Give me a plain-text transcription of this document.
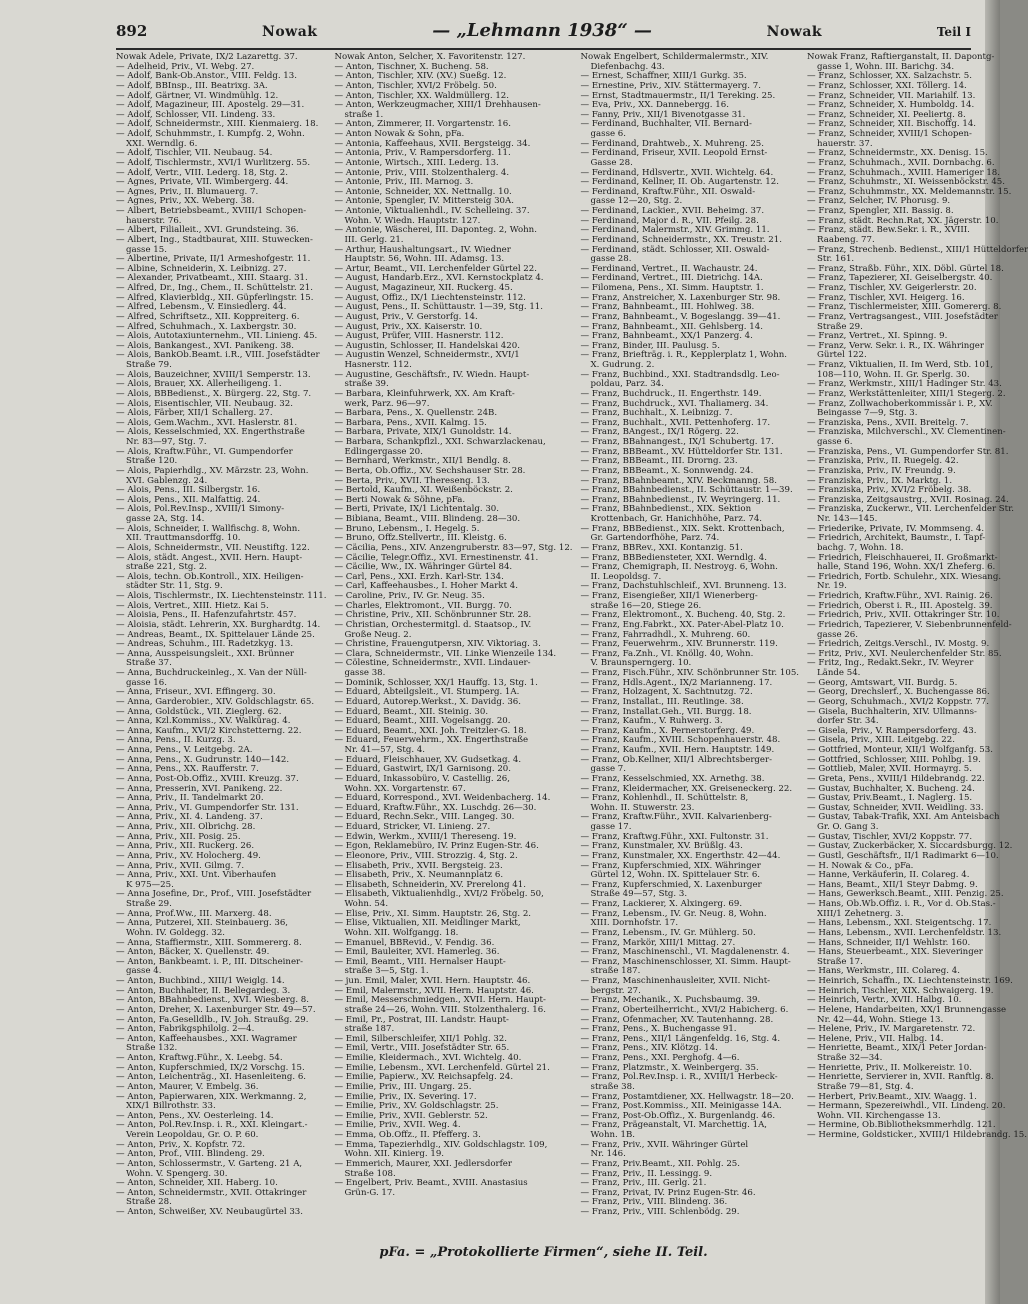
892	Nowak	— „Lehmann 1938“ —	Nowak	Teil I
Nowak Adele, Private, IX/2 Lazarettg. 37.
— Adelheid, Priv., VI. Webg. 27.
— Adolf, Bank-Ob.Anstor., VIII. Feldg. 13.
— Adolf, BBInsp., III. Beatrixg. 3A.
— Adolf, Gärtner, VI. Windmühlg. 12.
— Adolf, Magazineur, III. Apostelg. 29—31.
— Adolf, Schlosser, VII. Lindeng. 33.
— Adolf, Schneidermstr., XIII. Kienmaierg. 18.
— Adolf, Schuhmmstr., I. Kumpfg. 2, Wohn.
XXI. Werndlg. 6.
— Adolf, Tischler, VII. Neubaug. 54.
— Adolf, Tischlermstr., XVI/1 Wurlitzerg. 55.
— Adolf, Vertr., VIII. Lederg. 18, Stg. 2.
— Agnes, Private, VII. Wimbergerg. 44.
— Agnes, Priv., II. Blumauerg. 7.
— Agnes, Priv., XX. Weberg. 38.
— Albert, Betriebsbeamt., XVIII/1 Schopen-
hauerstr. 76.
— Albert, Filialleit., XVI. Grundsteing. 36.
— Albert, Ing., Stadtbaurat, XIII. Stuwecken-
gasse 15.
— Albertine, Private, II/1 Armeshofgestr. 11.
— Albine, Schneiderin, X. Leibnizg. 27.
— Alexander, Privatbeamt., XIII. Staarg. 31.
— Alfred, Dr., Ing., Chem., II. Schüttelstr. 21.
— Alfred, Klavierbldg., XII. Güpferlingstr. 15.
— Alfred, Lebensm., V. Einsiedlerg. 44.
— Alfred, Schriftsetz., XII. Koppreiterg. 6.
— Alfred, Schuhmach., X. Laxbergstr. 30.
— Alois, Autotaxiunternehm., VII. Linieng. 45.
— Alois, Bankangest., XVI. Panikeng. 38.
— Alois, BankOb.Beamt. i.R., VIII. Josefstädter
Straße 79.
— Alois, Bauzeichner, XVIII/1 Semperstr. 13.
— Alois, Brauer, XX. Allerheiligeng. 1.
— Alois, BBBedienst., X. Bürgerg. 22, Stg. 7.
— Alois, Eisentischler, VII. Neubaug. 32.
— Alois, Färber, XII/1 Schallerg. 27.
— Alois, Gem.Wachm., XVI. Haslerstr. 81.
— Alois, Kesselschmied, XX. Engerthstraße
Nr. 83—97, Stg. 7.
— Alois, Kraftw.Führ., VI. Gumpendorfer
Straße 120.
— Alois, Papierhdlg., XV. Märzstr. 23, Wohn.
XVI. Gablenzg. 24.
— Alois, Pens., III. Silbergstr. 16.
— Alois, Pens., XII. Malfattig. 24.
— Alois, Pol.Rev.Insp., XVIII/1 Simony-
gasse 2A, Stg. 14.
— Alois, Schneider, I. Wallfischg. 8, Wohn.
XII. Trauttmansdorffg. 10.
— Alois, Schneidermstr., VII. Neustiftg. 122.
— Alois, städt. Angest., XVII. Hern. Haupt-
straße 221, Stg. 2.
— Alois, techn. Ob.Kontroll., XIX. Heiligen-
städter Str. 11, Stg. 9.
— Alois, Tischlermstr., IX. Liechtensteinstr. 111.
— Alois, Vertret., XIII. Hietz. Kai 5.
— Aloisia, Pens., II. Hafenzufahrtstr. 457.
— Aloisia, städt. Lehrerin, XX. Burghardtg. 14.
— Andreas, Beamt., IX. Spittelauer Lände 25.
— Andreas, Schuhm., III. Radetzkyg. 13.
— Anna, Ausspeisungsleit., XXI. Brünner
Straße 37.
— Anna, Buchdruckeinleg., X. Van der Nüll-
gasse 16.
— Anna, Friseur., XVI. Effingerg. 30.
— Anna, Garderobier., XIV. Goldschlagstr. 65.
— Anna, Goldstück., VII. Zieglerg. 62.
— Anna, Kzl.Kommiss., XV. Walkürag. 4.
— Anna, Kaufm., XVI/2 Kirchstetterng. 22.
— Anna, Pens., II. Kurzg. 3.
— Anna, Pens., V. Leitgebg. 2A.
— Anna, Pens., X. Gudrunstr. 140—142.
— Anna, Pens., XX. Raufferstr. 7.
— Anna, Post-Ob.Offiz., XVIII. Kreuzg. 37.
— Anna, Presserin, XVI. Panikeng. 22.
— Anna, Priv., II. Tandelmarkt 20.
— Anna, Priv., VI. Gumpendorfer Str. 131.
— Anna, Priv., XI. 4. Landeng. 37.
— Anna, Priv., XII. Olbrichg. 28.
— Anna, Priv., XII. Posig. 25.
— Anna, Priv., XII. Ruckerg. 26.
— Anna, Priv., XV. Holocherg. 49.
— Anna, Priv., XVII. Gilmg. 7.
— Anna, Priv., XXI. Unt. Viberhaufen
K 975—25.
— Anna Josefine, Dr., Prof., VIII. Josefstädter
Straße 29.
— Anna, Prof.Ww., III. Marxerg. 48.
— Anna, Putzerei, XII. Steinbauerg. 36,
Wohn. IV. Goldegg. 32.
— Anna, Staffiermstr., XIII. Sommererg. 8.
— Anton, Bäcker, X. Quellenstr. 49.
— Anton, Bankbeamt. i. P., III. Ditscheiner-
gasse 4.
— Anton, Buchbind., XIII/1 Weiglg. 14.
— Anton, Buchhalter, II. Bellegardeg. 3.
— Anton, BBahnbedienst., XVI. Wiesberg. 8.
— Anton, Dreher, X. Laxenburger Str. 49—57.
— Anton, Fa.Geselldlb., IV. Joh. Straußg. 29.
— Anton, Fabrikgsphilolg. 2—4.
— Anton, Kaffeehausbes., XXI. Wagramer
Straße 132.
— Anton, Kraftwg.Führ., X. Leebg. 54.
— Anton, Kupferschmied, IX/2 Vorschg. 15.
— Anton, Leichenträg., XI. Hasenleiteng. 6.
— Anton, Maurer, V. Embelg. 36.
— Anton, Papierwaren, XIX. Werkmanng. 2,
XIX/1 Billrothstr. 33.
— Anton, Pens., XV. Oesterleing. 14.
— Anton, Pol.Rev.Insp. i. R., XXI. Kleingart.-
Verein Leopoldau, Gr. O. P. 60.
— Anton, Priv., X. Kopfstr. 72.
— Anton, Prof., VIII. Blindeng. 29.
— Anton, Schlossermstr., V. Garteng. 21 A,
Wohn. V. Spengerg. 30.
— Anton, Schneider, XII. Haberg. 10.
— Anton, Schneidermstr., XVII. Ottakringer
Straße 28.
— Anton, Schweißer, XV. Neubaugürtel 33.
Nowak Anton, Selcher, X. Favoritenstr. 127.
— Anton, Tischner, X. Bucheng. 58.
— Anton, Tischler, XIV. (XV.) Sueßg. 12.
— Anton, Tischler, XVI/2 Fröbelg. 50.
— Anton, Tischler, XX. Waldmüllerg. 12.
— Anton, Werkzeugmacher, XIII/1 Drehhausen-
straße 1.
— Anton, Zimmerer, II. Vorgartenstr. 16.
— Anton Nowak & Sohn, pFa.
— Antonia, Kaffeehaus, XVII. Bergsteigg. 34.
— Antonia, Priv., V. Rampersdorferg. 11.
— Antonie, Wirtsch., XIII. Lederg. 13.
— Antonie, Priv., VIII. Stolzenthalerg. 4.
— Antonie, Priv., III. Marnog. 3.
— Antonie, Schneider, XX. Nettnallg. 10.
— Antonie, Spengler, IV. Mittersteig 30A.
— Antonie, Viktualienhdl., IV. Schelleing. 37.
Wohn. V. Wiedn. Hauptstr. 127.
— Antonie, Wäscherei, III. Daponteg. 2, Wohn.
III. Gerlg. 21.
— Arthur, Haushaltungsart., IV. Wiedner
Hauptstr. 56, Wohn. III. Adamsg. 13.
— Artur, Beamt., VII. Lerchenfelder Gürtel 22.
— August, Handarb.Erz., XVI. Kernstockplatz 4.
— August, Magazineur, XII. Ruckerg. 45.
— August, Offiz., IX/1 Liechtensteinstr. 112.
— August, Pens., II. Schüttaustr. 1—39, Stg. 11.
— August, Priv., V. Gerstorfg. 14.
— August, Priv., XX. Kaiserstr. 10.
— August, Prüfer, VIII. Hasnerstr. 112.
— Augustin, Schlosser, II. Handelskai 420.
— Augustin Wenzel, Schneidermstr., XVI/1
Hasnerstr. 112.
— Augustine, Geschäftsfr., IV. Wiedn. Haupt-
straße 39.
— Barbara, Kleinfuhrwerk, XX. Am Kraft-
werk, Parz. 96—97.
— Barbara, Pens., X. Quellenstr. 24B.
— Barbara, Pens., XVII. Kalmg. 15.
— Barbara, Private, XIX/1 Gunoldstr. 14.
— Barbara, Schankpflzl., XXI. Schwarzlackenau,
Edlingergasse 20.
— Bernhard, Werkmstr., XII/1 Bendlg. 8.
— Berta, Ob.Offiz., XV. Sechshauser Str. 28.
— Berta, Priv., XVII. Thereseng. 13.
— Bertold, Kaufm., XI. Weißenböckstr. 2.
— Berti Nowak & Söhne, pFa.
— Berti, Private, IX/1 Lichtentalg. 30.
— Bibiana, Beamt., VIII. Blindeng. 28—30.
— Bruno, Lebensm., I. Hegelg. 5.
— Bruno, Offz.Stellvertr., III. Kleistg. 6.
— Cäcilia, Pens., XIV. Anzengruberstr. 83—97, Stg. 12.
— Cäcilie, Telegr.Offiz., XVI. Ernestinenstr. 41.
— Cäcilie, Ww., IX. Währinger Gürtel 84.
— Carl, Pens., XXI. Erzh. Karl-Str. 134.
— Carl, Kaffeehausbes., I. Hoher Markt 4.
— Caroline, Priv., IV. Gr. Neug. 35.
— Charles, Elektromont., VII. Burgg. 70.
— Christine, Priv., XII. Schönbrunner Str. 28.
— Christian, Orchestermitgl. d. Staatsop., IV.
Große Neug. 2.
— Christine, Frauengutpersn, XIV. Viktoriag. 3.
— Clara, Schneidermstr., VII. Linke Wienzeile 134.
— Cölestine, Schneidermstr., XVII. Lindauer-
gasse 38.
— Dominik, Schlosser, XX/1 Hauffg. 13, Stg. 1.
— Eduard, Abteilgsleit., VI. Stumperg. 1A.
— Eduard, Autorep.Werkst., X. Davidg. 36.
— Eduard, Beamt., XII. Steinig. 30.
— Eduard, Beamt., XIII. Vogelsangg. 20.
— Eduard, Beamt., XXI. Joh. Treitzler-G. 18.
— Eduard, Feuerwehrm., XX. Engerthstraße
Nr. 41—57, Stg. 4.
— Eduard, Fleischhauer, XV. Gudsetkag. 4.
— Eduard, Gastwirt, IX/1 Garnisong. 20.
— Eduard, Inkassobüro, V. Castellig. 26,
Wohn. XX. Vorgartenstr. 67.
— Eduard, Korrespond., XVI. Weidenbacherg. 14.
— Eduard, Kraftw.Führ., XX. Luschdg. 26—30.
— Eduard, Rechn.Sekr., VIII. Langeg. 30.
— Eduard, Stricker, VI. Linieng. 27.
— Edwin, Werkm., XVIII/1 Thereseng. 19.
— Egon, Reklamebüro, IV. Prinz Eugen-Str. 46.
— Eleonore, Priv., VIII. Strozzig. 4, Stg. 2.
— Elisabeth, Priv., XVII. Bergsteig. 23.
— Elisabeth, Priv., X. Neumannplatz 6.
— Elisabeth, Schneiderin, XV. Prerelong 41.
— Elisabeth, Viktualienhdlg., XVI/2 Fröbelg. 50,
Wohn. 54.
— Elise, Priv., XI. Simm. Hauptstr. 26, Stg. 2.
— Elise, Viktualien, XII. Meidlinger Markt,
Wohn. XII. Wolfgangg. 18.
— Emanuel, BBRevid., V. Fendig. 36.
— Emil, Bauleiter, XVI. Hamerleg. 36.
— Emil, Beamt., VIII. Hernalser Haupt-
straße 3—5, Stg. 1.
— jun. Emil, Maler, XVII. Hern. Hauptstr. 46.
— Emil, Malermstr., XVII. Hern. Hauptstr. 46.
— Emil, Messerschmiedgen., XVII. Hern. Haupt-
straße 24—26, Wohn. VIII. Stolzenthalerg. 16.
— Emil, Pr., Postrat, III. Landstr. Haupt-
straße 187.
— Emil, Silberschleifer, XII/1 Pohlg. 32.
— Emil, Vertr., VIII. Josefstädter Str. 65.
— Emilie, Kleidermach., XVI. Wichtelg. 40.
— Emilie, Lebensm., XVI. Lerchenfeld. Gürtel 21.
— Emilie, Papierw., XV. Reichsapfelg. 24.
— Emilie, Priv., III. Ungarg. 25.
— Emilie, Priv., IX. Severing. 17.
— Emilie, Priv., XV. Goldschlagstr. 25.
— Emilie, Priv., XVII. Geblerstr. 52.
— Emilie, Priv., XVII. Weg. 4.
— Emma, Ob.Offz., II. Pfefferg. 3.
— Emma, Tapezierhdlg., XIV. Goldschlagstr. 109,
Wohn. XII. Kinierg. 19.
— Emmerich, Maurer, XXI. Jedlersdorfer
Straße 108.
— Engelbert, Priv. Beamt., XVIII. Anastasius
Grün-G. 17.
Nowak Engelbert, Schildermalermstr., XIV.
Diefenbachg. 43.
— Ernest, Schaffner, XIII/1 Gurkg. 35.
— Ernestine, Priv., XIV. Stättermayerg. 7.
— Ernst, Stadtmauermstr., II/1 Tereking. 25.
— Eva, Priv., XX. Dannebergg. 16.
— Fanny, Priv., XII/1 Bivenotgasse 31.
— Ferdinand, Buchhalter, VII. Bernard-
gasse 6.
— Ferdinand, Drahtweb., X. Muhreng. 25.
— Ferdinand, Friseur, XVII. Leopold Ernst-
Gasse 28.
— Ferdinand, Hdlsvertr., XVII. Wichtelg. 64.
— Ferdinand, Kellner, II. Ob. Augartenstr. 12.
— Ferdinand, Kraftw.Führ., XII. Oswald-
gasse 12—20, Stg. 2.
— Ferdinand, Lackier., XVII. Beheimg. 37.
— Ferdinand, Major d. R., VII. Pfeilg. 28.
— Ferdinand, Malermstr., XIV. Grimmg. 11.
— Ferdinand, Schneidermstr., XX. Treustr. 21.
— Ferdinand, städt. Schlosser, XII. Oswald-
gasse 28.
— Ferdinand, Vertret., II. Wachaustr. 24.
— Ferdinand, Vertret., III. Dietrichg. 14A.
— Filomena, Pens., XI. Simm. Hauptstr. 1.
— Franz, Anstreicher, X. Laxenburger Str. 98.
— Franz, Bahnbeamt., III. Hohlweg. 38.
— Franz, Bahnbeamt., V. Bogeslangg. 39—41.
— Franz, Bahnbeamt., XII. Gehlsberg. 14.
— Franz, Bahnbeamt., XX/1 Panzerg. 4.
— Franz, Binder, III. Paulusg. 5.
— Franz, Briefträg. i. R., Kepplerplatz 1, Wohn.
X. Gudrung. 2.
— Franz, Buchbind., XXI. Stadtrandsdlg. Leo-
poldau, Parz. 34.
— Franz, Buchdruck., II. Engerthstr. 149.
— Franz, Buchdruck., XVI. Thaliamerg. 34.
— Franz, Buchhalt., X. Leibnizg. 7.
— Franz, Buchhalt., XVII. Pettenhoferg. 17.
— Franz, BAngest., IX/1 Rögerg. 22.
— Franz, BBahnangest., IX/1 Schubertg. 17.
— Franz, BBBeamt., XV. Hütteldorfer Str. 131.
— Franz, BBBeamt., III. Drorng. 23.
— Franz, BBBeamt., X. Sonnwendg. 24.
— Franz, BBahnbeamt., XIV. Beckmanng. 58.
— Franz, BBahnbedienst., II. Schüttaustr. 1—39.
— Franz, BBahnbedienst., IV. Weyringerg. 11.
— Franz, BBahnbedienst., XIX. Sektion
Krottenbach, Gr. Hanichhöhe, Parz. 74.
— Franz, BBBedienst., XIX. Sekt. Krottenbach,
Gr. Gartendorfhöhe, Parz. 74.
— Franz, BBRev., XXI. Kontanzig. 51.
— Franz, BBBediensteter, XXI. Werndlg. 4.
— Franz, Chemigraph, II. Nestroyg. 6, Wohn.
II. Leopoldsg. 7.
— Franz, Dachstuhlschleif., XVI. Brunneng. 13.
— Franz, Eisengießer, XII/1 Wienerberg-
straße 16—20, Stiege 26.
— Franz, Elektromont., X. Bucheng. 40, Stg. 2.
— Franz, Eng.Fabrkt., XX. Pater-Abel-Platz 10.
— Franz, Fahrradhdl., X. Muhreng. 60.
— Franz, Feuerwehrm., XIV. Brunnerstr. 119.
— Franz, Fa.Znh., VI. Knöllg. 40, Wohn.
V. Braunsperngerg. 10.
— Franz, Fisch.Führ., XIV. Schönbrunner Str. 105.
— Franz, Hdls.Agent., IX/2 Marianneng. 17.
— Franz, Holzagent, X. Sachtnutzg. 72.
— Franz, Installat., III. Reutlinge. 38.
— Franz, Installat.Geh., VII. Burgg. 18.
— Franz, Kaufm., V. Ruhwerg. 3.
— Franz, Kaufm., X. Pernerstorferg. 49.
— Franz, Kaufm., XVIII. Schopenhauerstr. 48.
— Franz, Kaufm., XVII. Hern. Hauptstr. 149.
— Franz, Ob.Kellner, XII/1 Albrechtsberger-
gasse 7.
— Franz, Kesselschmied, XX. Arnethg. 38.
— Franz, Kleidermacher, XX. Greiseneckerg. 22.
— Franz, Kohlenhdl., II. Schüttelstr. 8,
Wohn. II. Stuwerstr. 23.
— Franz, Kraftw.Führ., XVII. Kalvarienberg-
gasse 17.
— Franz, Kraftwg.Führ., XXI. Fultonstr. 31.
— Franz, Kunstmaler, XV. Brüßlg. 43.
— Franz, Kunstmaler, XX. Engerthstr. 42—44.
— Franz, Kupferschmied, XIX. Währinger
Gürtel 12, Wohn. IX. Spittelauer Str. 6.
— Franz, Kupferschmied, X. Laxenburger
Straße 49—57, Stg. 3.
— Franz, Lackierer, X. Alxingerg. 69.
— Franz, Lebensm., IV. Gr. Neug. 8, Wohn.
XIII. Dornhofstr. 17.
— Franz, Lebensm., IV. Gr. Mühlerg. 50.
— Franz, Markör, XIII/1 Mittag. 27.
— Franz, Maschinenschl., VI. Magdalenenstr. 4.
— Franz, Maschinenschlosser, XI. Simm. Haupt-
straße 187.
— Franz, Maschinenhausleiter, XVII. Nicht-
bergstr. 27.
— Franz, Mechanik., X. Puchsbaumg. 39.
— Franz, Oberteilherricht., XVI/2 Habicherg. 6.
— Franz, Ofenmacher, XV. Tautenhanng. 28.
— Franz, Pens., X. Buchengasse 91.
— Franz, Pens., XII/1 Längenfeldg. 16, Stg. 4.
— Franz, Pens., XIV. Klötzg. 14.
— Franz, Pens., XXI. Perghofg. 4—6.
— Franz, Platzmstr., X. Weinbergerg. 35.
— Franz, Pol.Rev.Insp. i. R., XVIII/1 Herbeck-
straße 38.
— Franz, Postamtdiener, XX. Hellwagstr. 18—20.
— Franz, Post.Kommiss., XII. Meinigasse 14A.
— Franz, Post-Ob.Offiz., X. Burgenlandg. 46.
— Franz, Prägeanstalt, VI. Marchettig. 1A,
Wohn. 1B.
— Franz, Priv., XVII. Währinger Gürtel
Nr. 146.
— Franz, Priv.Beamt., XII. Pohlg. 25.
— Franz, Priv., II. Lessingg. 9.
— Franz, Priv., III. Gerlg. 21.
— Franz, Privat, IV. Prinz Eugen-Str. 46.
— Franz, Priv., VIII. Blindeng. 36.
— Franz, Priv., VIII. Schlenbödg. 29.
Nowak Franz, Raftierganstalt, II. Dapontg-
gasse 1, Wohn. III. Barichg. 34.
— Franz, Schlosser, XX. Salzachstr. 5.
— Franz, Schlosser, XXI. Töllerg. 14.
— Franz, Schneider, VII. Mariahilf. 13.
— Franz, Schneider, X. Humboldg. 14.
— Franz, Schneider, XI. Peeliertg. 8.
— Franz, Schneider, XII. Bischoffg. 14.
— Franz, Schneider, XVIII/1 Schopen-
hauerstr. 37.
— Franz, Schneidermstr., XX. Denisg. 15.
— Franz, Schuhmach., XVII. Dornbachg. 6.
— Franz, Schuhmach., XVIII. Hameriger 18.
— Franz, Schuhmstr., XI. Weissenböckstr. 45.
— Franz, Schuhmmstr., XX. Meldemannstr. 15.
— Franz, Selcher, IV. Phorusg. 9.
— Franz, Spengler, XII. Bassig. 8.
— Franz, städt. Rechn.Rat, XX. Jägerstr. 10.
— Franz, städt. Bew.Sekr. i. R., XVIII.
Raabeng. 77.
— Franz, Strechenb. Bedienst., XIII/1 Hütteldorfer
Str. 161.
— Franz, Straßb. Führ., XIX. Döbl. Gürtel 18.
— Franz, Tapezierer, XI. Geiselbergstr. 40.
— Franz, Tischler, XV. Geigerlerstr. 20.
— Franz, Tischler, XVI. Heigerg. 16.
— Franz, Tischlermeister, XIII. Gomererg. 8.
— Franz, Vertragsangest., VIII. Josefstädter
Straße 29.
— Franz, Vertret., XI. Spinng. 9.
— Franz, Verw. Sekr. i. R., IX. Währinger
Gürtel 122.
— Franz, Viktualien, II. Im Werd, Stb. 101,
108—110, Wohn. II. Gr. Sperlg. 30.
— Franz, Werkmstr., XIII/1 Hadinger Str. 43.
— Franz, Werkstättenleiter, XIII/1 Stegerg. 2.
— Franz, Zollwachoberkommissär i. P., XV.
Beingasse 7—9, Stg. 3.
— Franziska, Pens., XVII. Breitelg. 7.
— Franziska, Milchverschl., XV. Clementinen-
gasse 6.
— Franziska, Pens., VI. Gumpendorfer Str. 81.
— Franziska, Priv., II. Ruegelg. 42.
— Franziska, Priv., IV. Freundg. 9.
— Franziska, Priv., IX. Marktg. 1.
— Franziska, Priv., XVI/2 Fröbelg. 38.
— Franziska, Zeitgsaustrg., XVII. Rosinag. 24.
— Franziska, Zuckerwr., VII. Lerchenfelder Str.
Nr. 143—145.
— Friederike, Private, IV. Mommseng. 4.
— Friedrich, Architekt, Baumstr., I. Tapf-
bachg. 7, Wohn. 18.
— Friedrich, Fleischhauerei, II. Großmarkt-
halle, Stand 196, Wohn. XX/1 Zheferg. 6.
— Friedrich, Fortb. Schulehr., XIX. Wiesang.
Nr. 19.
— Friedrich, Kraftw.Führ., XVI. Rainig. 26.
— Friedrich, Oberst i. R., III. Apostelg. 39.
— Friedrich, Priv., XVII. Ottakringer Str. 10.
— Friedrich, Tapezierer, V. Siebenbrunnenfeld-
gasse 26.
— Friedrich, Zeitgs.Verschl., IV. Mostg. 9.
— Fritz, Priv., XVI. Neulerchenfelder Str. 85.
— Fritz, Ing., Redakt.Sekr., IV. Weyrer
Lände 54.
— Georg, Amtswart, VII. Burdg. 5.
— Georg, Drechslerf., X. Buchengasse 86.
— Georg, Schuhmach., XVI/2 Koppstr. 77.
— Gisela, Buchhalterin, XIV. Ullmanns-
dorfer Str. 34.
— Gisela, Priv., V. Rampersdorferg. 43.
— Gisela, Priv., XIII. Leitgebg. 22.
— Gottfried, Monteur, XII/1 Wolfganfg. 53.
— Gottfried, Schlosser, XIII. Pohlbg. 19.
— Gottlieb, Maler, XVII. Hormayrg. 5.
— Greta, Pens., XVIII/1 Hildebrandg. 22.
— Gustav, Buchhalter, X. Bucheng. 24.
— Gustav, Priv.Beamt., I. Naglerg. 15.
— Gustav, Schneider, XVII. Weidling. 33.
— Gustav, Tabak-Trafik, XXI. Am Anteisbach
Gr. O. Gang 3.
— Gustav, Tischler, XVI/2 Koppstr. 77.
— Gustav, Zuckerbäcker, X. Siccardsburgg. 12.
— Gustl, Geschäftsfr., II/1 Radimarkt 6—10.
— H. Nowak & Co., pFa.
— Hanne, Verkäuferin, II. Colareg. 4.
— Hans, Beamt., XII/1 Steyr Dabmg. 9.
— Hans, Gewerksch.Beamt., XIII. Penzig. 25.
— Hans, Ob.Wb.Offiz. i. R., Vor d. Ob.Stas.-
XIII/1 Zehetnerg. 3.
— Hans, Lebensm., XXI. Steigentschg. 17.
— Hans, Lebensm., XVII. Lerchenfeldstr. 13.
— Hans, Schneider, II/1 Wehlstr. 160.
— Hans, Steuerbeamt., XIX. Sieveringer
Straße 17.
— Hans, Werkmstr., III. Colareg. 4.
— Heinrich, Schaffn., IX. Liechtensteinstr. 169.
— Heinrich, Tischler, XIX. Schwaigerg. 19.
— Heinrich, Vertr., XVII. Halbg. 10.
— Helene, Handarbeiten, XX/1 Brunnengasse
Nr. 42—44, Wohn. Stiege 13.
— Helene, Priv., IV. Margaretenstr. 72.
— Helene, Priv., VII. Halbg. 14.
— Henriette, Beamt., XIX/1 Peter Jordan-
Straße 32—34.
— Henriette, Priv., II. Molkereistr. 10.
— Henriette, Servierer in, XVII. Ranftlg. 8.
Straße 79—81, Stg. 4.
— Herbert, Priv.Beamt., XIV. Waagg. 1.
— Hermann, Spezereiwhdl., VII. Lindeng. 20.
Wohn. VII. Kirchengasse 13.
— Hermine, Ob.Bibliotheksmmerhdlg. 121.
— Hermine, Goldsticker., XVIII/1 Hildebrandg. 15.
pFa. = „Protokollierte Firmen“, siehe II. Teil.
